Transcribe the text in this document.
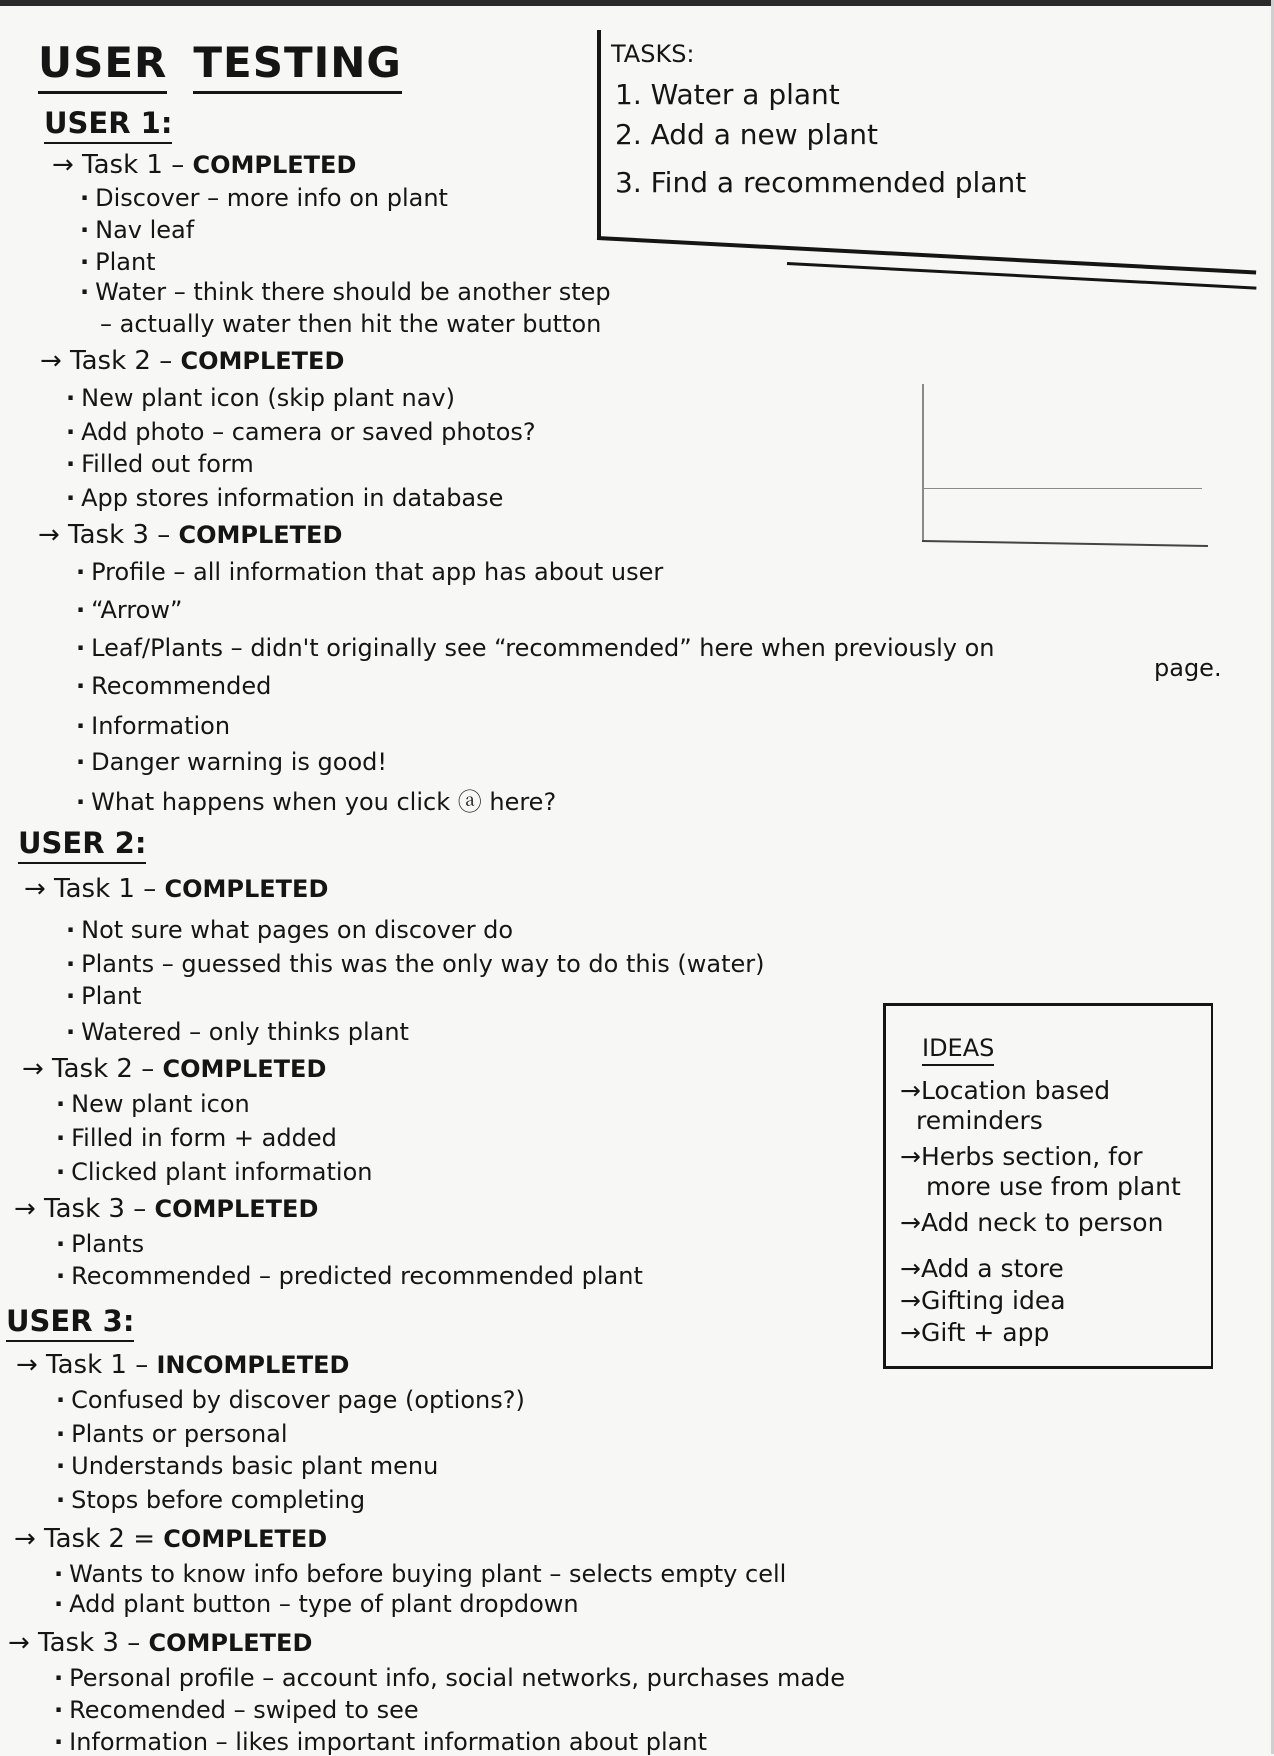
USER TESTING	TASKS:
1. Water a plant
2. Add a new plant
3. Find a recommended plant
USER 1:
→ Task 1 – COMPLETED
· Discover – more info on plant
· Nav leaf
· Plant
· Water – think there should be another step
– actually water then hit the water button
→ Task 2 – COMPLETED
· New plant icon (skip plant nav)
· Add photo – camera or saved photos?
· Filled out form
· App stores information in database
→ Task 3 – COMPLETED
· Profile – all information that app has about user
· “Arrow”
· Leaf/Plants – didn't originally see “recommended” here when previously on
page.
· Recommended
· Information
· Danger warning is good!
· What happens when you click ⓐ here?
USER 2:
→ Task 1 – COMPLETED
· Not sure what pages on discover do
· Plants – guessed this was the only way to do this (water)
· Plant
· Watered – only thinks plant
→ Task 2 – COMPLETED
· New plant icon
· Filled in form + added
· Clicked plant information
→ Task 3 – COMPLETED
· Plants
· Recommended – predicted recommended plant
USER 3:
→ Task 1 – INCOMPLETED
· Confused by discover page (options?)
· Plants or personal
· Understands basic plant menu
· Stops before completing
→ Task 2 = COMPLETED
· Wants to know info before buying plant – selects empty cell
· Add plant button – type of plant dropdown
→ Task 3 – COMPLETED
· Personal profile – account info, social networks, purchases made
· Recomended – swiped to see
· Information – likes important information about plant
IDEAS
→Location based
reminders
→Herbs section, for
more use from plant
→Add neck to person
→Add a store
→Gifting idea
→Gift + app
